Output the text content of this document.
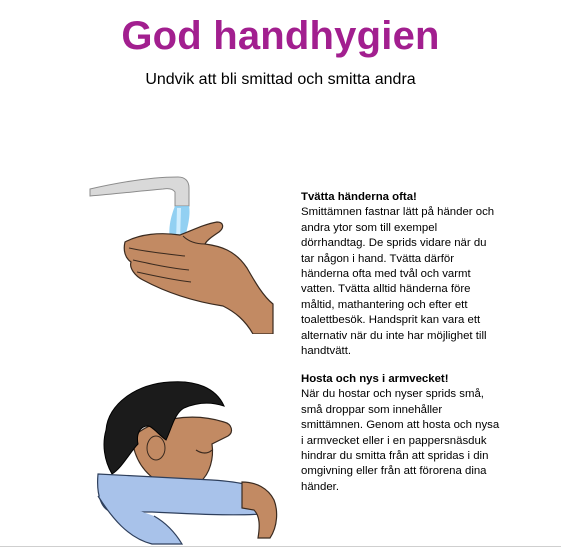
God handhygien
Undvik att bli smittad och smitta andra
Tvätta händerna ofta!
Smittämnen fastnar lätt på händer och andra ytor som till exempel dörrhandtag. De sprids vidare när du tar någon i hand. Tvätta därför händerna ofta med tvål och varmt vatten. Tvätta alltid händerna före måltid, mathantering och efter ett toalettbesök. Handsprit kan vara ett alternativ när du inte har möjlighet till handtvätt.
Hosta och nys i armvecket!
När du hostar och nyser sprids små, små droppar som innehåller smittämnen. Genom att hosta och nysa i armvecket eller i en pappersnäsduk hindrar du smitta från att spridas i din omgivning eller från att förorena dina händer.
